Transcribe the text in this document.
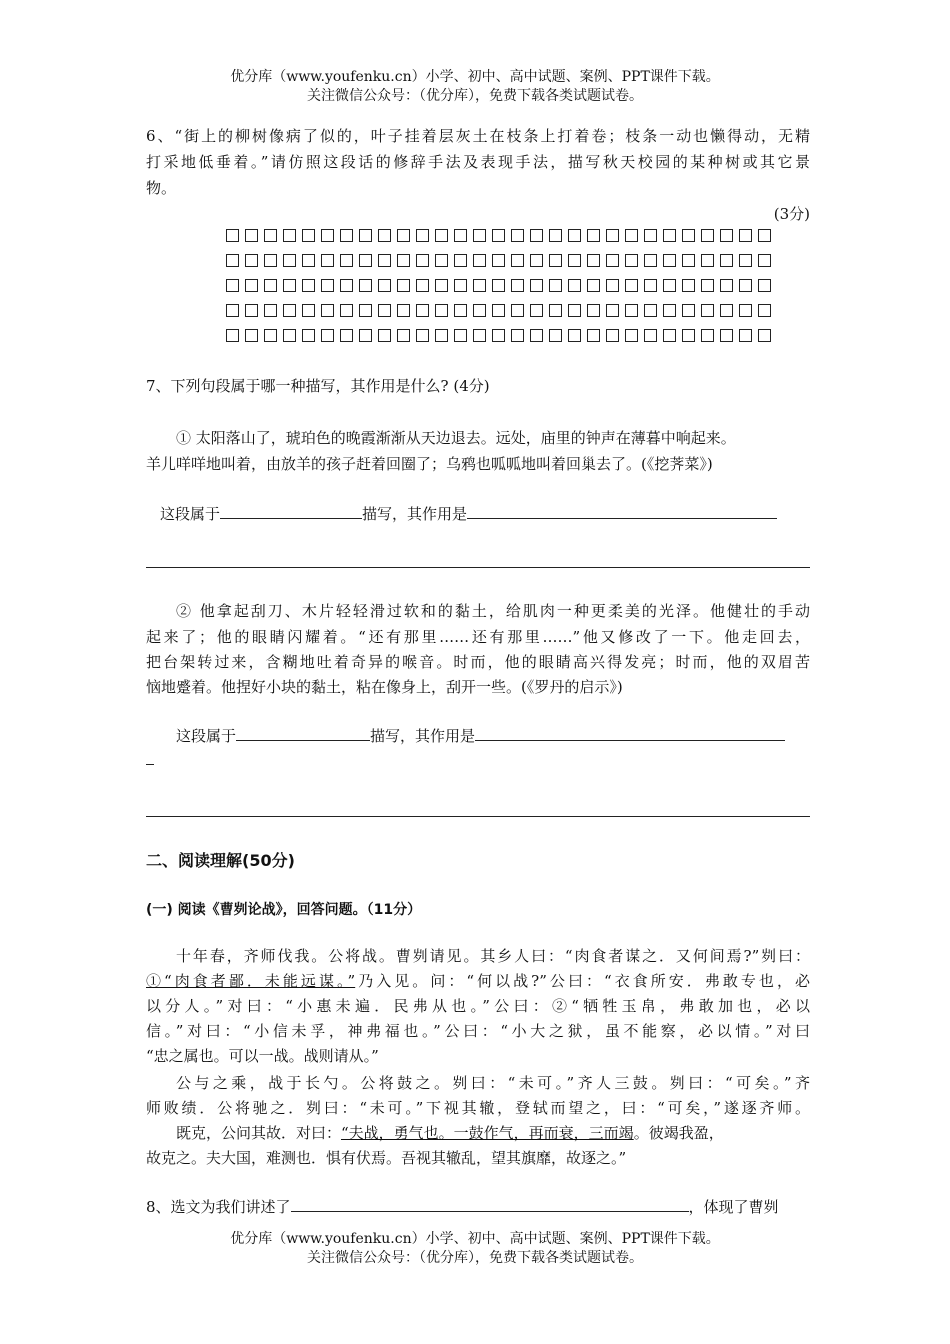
优分库（www.youfenku.cn）小学、初中、高中试题、案例、PPT课件下载。
关注微信公众号：（优分库），免费下载各类试题试卷。
6、“街上的柳树像病了似的，叶子挂着层灰土在枝条上打着卷；枝条一动也懒得动，无精
打采地低垂着。”请仿照这段话的修辞手法及表现手法，描写秋天校园的某种树或其它景
物。
(3分)
7、下列句段属于哪一种描写，其作用是什么? (4分)
① 太阳落山了，琥珀色的晚霞渐渐从天边退去。远处，庙里的钟声在薄暮中响起来。
羊儿咩咩地叫着，由放羊的孩子赶着回圈了；乌鸦也呱呱地叫着回巢去了。(《挖荠菜》)
这段属于	描写，其作用是
② 他拿起刮刀、木片轻轻滑过软和的黏土，给肌肉一种更柔美的光泽。他健壮的手动
起来了；他的眼睛闪耀着。“还有那里……还有那里……”他又修改了一下。他走回去，
把台架转过来，含糊地吐着奇异的喉音。时而，他的眼睛高兴得发亮；时而，他的双眉苦
恼地蹙着。他捏好小块的黏土，粘在像身上，刮开一些。(《罗丹的启示》)
这段属于	描写，其作用是
二、阅读理解(50分)
(一) 阅读《曹刿论战》，回答问题。（11分）
十年春，齐师伐我。公将战。曹刿请见。其乡人曰：“肉食者谋之．又何间焉?”刿曰：
①“肉食者鄙．未能远谋。”乃入见。问：“何以战?”公曰：“衣食所安．弗敢专也，必
以分人。”对曰：“小惠未遍．民弗从也。”公曰：②“牺牲玉帛，弗敢加也，必以
信。”对曰：“小信未孚，神弗福也。”公曰：“小大之狱，虽不能察，必以情。”对曰
“忠之属也。可以一战。战则请从。”
公与之乘，战于长勺。公将鼓之。刿曰：“未可。”齐人三鼓。刿曰：“可矣。”齐
师败绩．公将驰之．刿曰：“未可。”下视其辙，登轼而望之，曰：“可矣，”遂逐齐师。
既克，公问其故．对曰：“夫战，勇气也。一鼓作气，再而衰，三而竭。彼竭我盈，
故克之。夫大国，难测也．惧有伏焉。吾视其辙乱，望其旗靡，故逐之。”
8、选文为我们讲述了	，体现了曹刿
优分库（www.youfenku.cn）小学、初中、高中试题、案例、PPT课件下载。
关注微信公众号：（优分库），免费下载各类试题试卷。
